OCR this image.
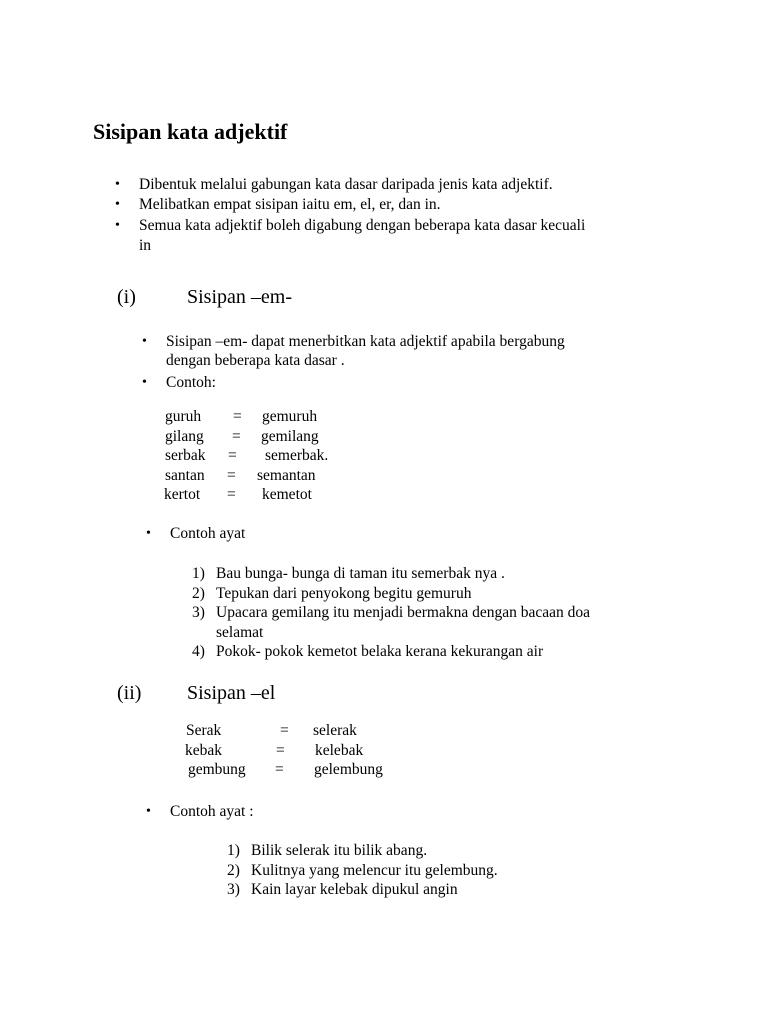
Sisipan kata adjektif
• Dibentuk melalui gabungan kata dasar daripada jenis kata adjektif.
• Melibatkan empat sisipan iaitu em, el, er, dan in.
• Semua kata adjektif boleh digabung dengan beberapa kata dasar kecuali
in
(i)	Sisipan –em-
• Sisipan –em- dapat menerbitkan kata adjektif apabila bergabung
dengan beberapa kata dasar .
• Contoh:
guruh = gemuruh
gilang = gemilang
serbak = semerbak.
santan = semantan
kertot = kemetot
• Contoh ayat
1) Bau bunga- bunga di taman itu semerbak nya .
2) Tepukan dari penyokong begitu gemuruh
3) Upacara gemilang itu menjadi bermakna dengan bacaan doa
selamat
4) Pokok- pokok kemetot belaka kerana kekurangan air
(ii) Sisipan –el
Serak	= selerak
kebak	= kelebak
gembung = gelembung
• Contoh ayat :
1) Bilik selerak itu bilik abang.
2) Kulitnya yang melencur itu gelembung.
3) Kain layar kelebak dipukul angin
